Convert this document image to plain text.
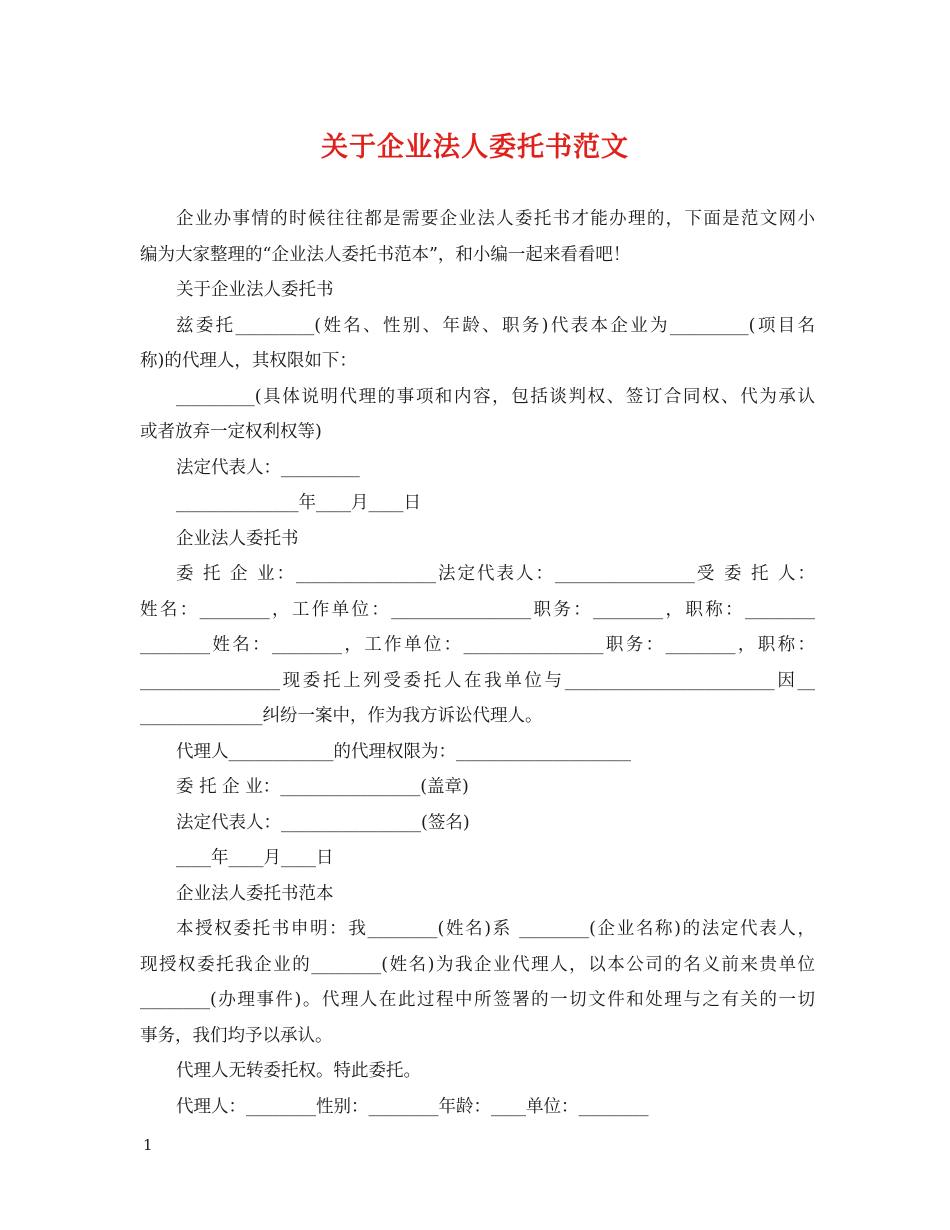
关于企业法人委托书范文
企业办事情的时候往往都是需要企业法人委托书才能办理的，下面是范文网小
编为大家整理的“企业法人委托书范本”，和小编一起来看看吧！
关于企业法人委托书
兹委托_________(姓名、性别、年龄、职务)代表本企业为_________(项目名
称)的代理人，其权限如下：
_________(具体说明代理的事项和内容，包括谈判权、签订合同权、代为承认
或者放弃一定权利权等)
法定代表人：_________
______________年____月____日
企业法人委托书
委 托 企 业：________________法定代表人：________________受 委 托 人：
姓名：________，工作单位：________________职务：________，职称：________
________姓名：________，工作单位：________________职务：________，职称：
________________现委托上列受委托人在我单位与________________________因__
______________纠纷一案中，作为我方诉讼代理人。
代理人____________的代理权限为：____________________
委 托 企 业：________________(盖章)
法定代表人：________________(签名)
____年____月____日
企业法人委托书范本
本授权委托书申明：我________(姓名)系 ________(企业名称)的法定代表人，
现授权委托我企业的________(姓名)为我企业代理人，以本公司的名义前来贵单位
________(办理事件)。代理人在此过程中所签署的一切文件和处理与之有关的一切
事务，我们均予以承认。
代理人无转委托权。特此委托。
代理人：________性别：________年龄：____单位：________
1
